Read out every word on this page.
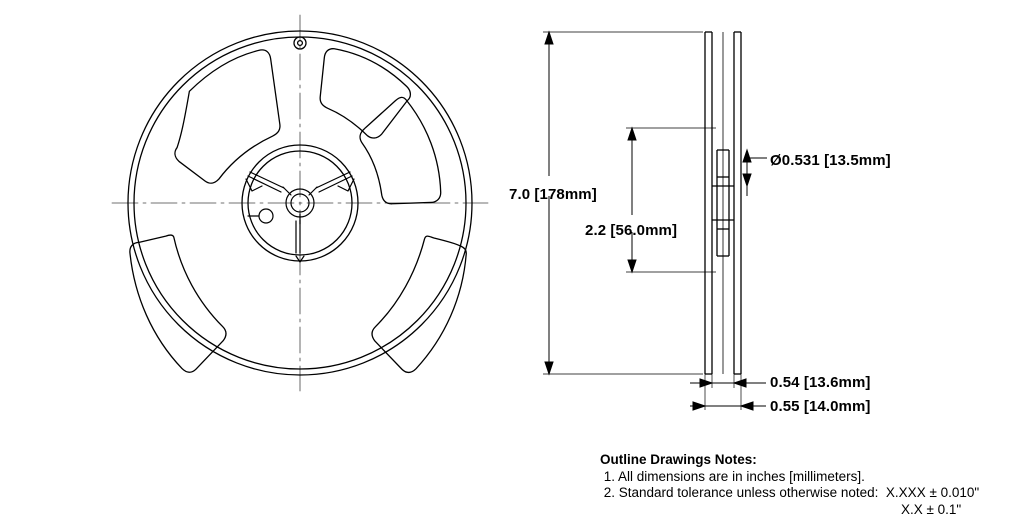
7.0 [178mm]
2.2 [56.0mm]
Ø0.531 [13.5mm]
0.54 [13.6mm]
0.55 [14.0mm]
Outline Drawings Notes:
1. All dimensions are in inches [millimeters].
2. Standard tolerance unless otherwise noted:  X.XXX ± 0.010"
X.X ± 0.1"
